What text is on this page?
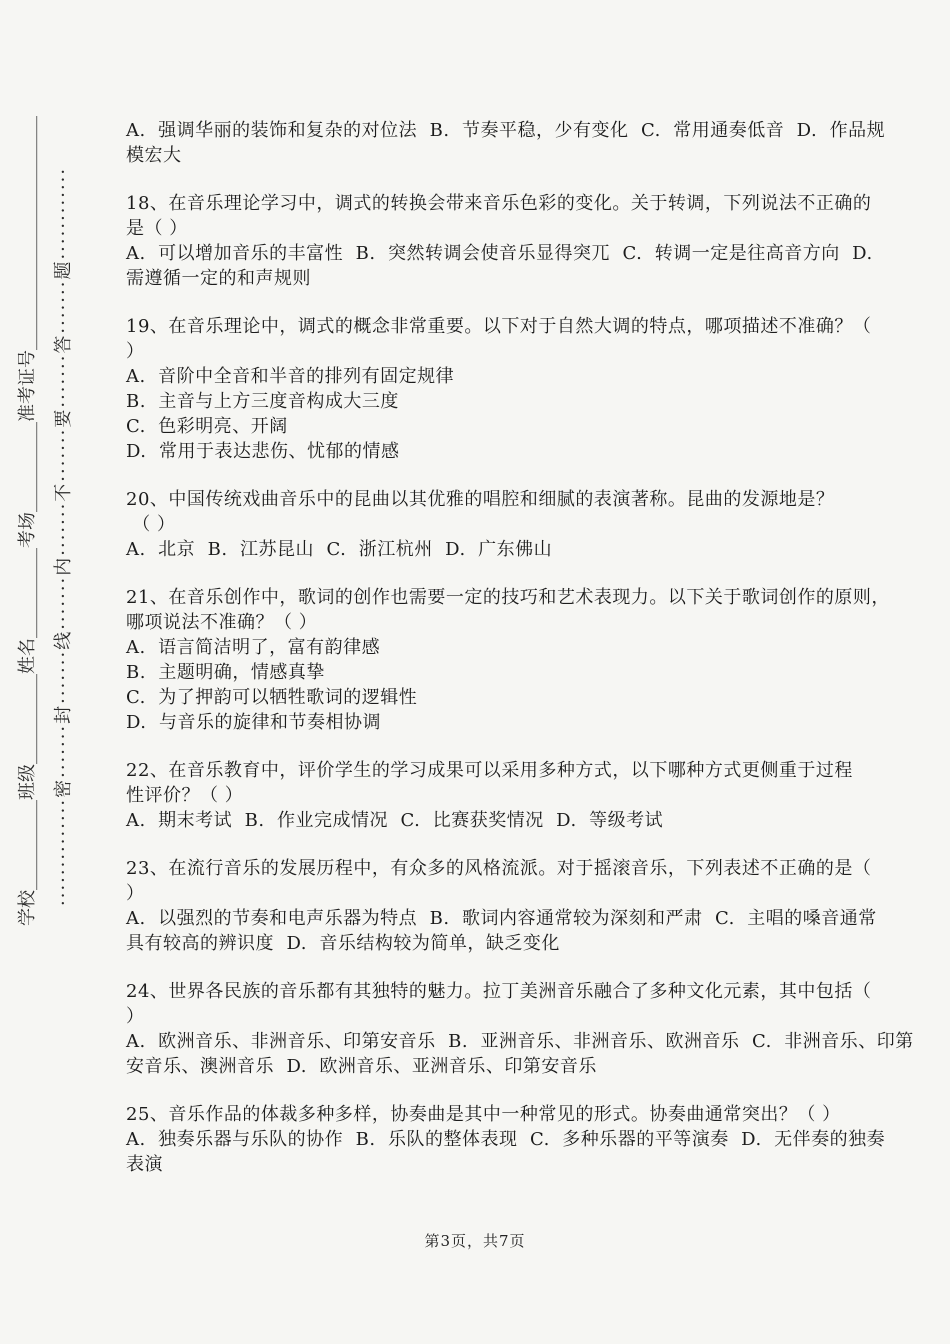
学校__________班级__________姓名__________考场__________准考证号__________________________ ··············密·······封·······线·······内·······不·······要·······答·······题············
A.  强调华丽的装饰和复杂的对位法  B.  节奏平稳，少有变化  C.  常用通奏低音  D.  作品规
模宏大
18、在音乐理论学习中，调式的转换会带来音乐色彩的变化。关于转调，下列说法不正确的
是（ ）
A.  可以增加音乐的丰富性  B.  突然转调会使音乐显得突兀  C.  转调一定是往高音方向  D.
需遵循一定的和声规则
19、在音乐理论中，调式的概念非常重要。以下对于自然大调的特点，哪项描述不准确？（
）
A.  音阶中全音和半音的排列有固定规律
B.  主音与上方三度音构成大三度
C.  色彩明亮、开阔
D.  常用于表达悲伤、忧郁的情感
20、中国传统戏曲音乐中的昆曲以其优雅的唱腔和细腻的表演著称。昆曲的发源地是？
（ ）
A.  北京  B.  江苏昆山  C.  浙江杭州  D.  广东佛山
21、在音乐创作中，歌词的创作也需要一定的技巧和艺术表现力。以下关于歌词创作的原则，
哪项说法不准确？（ ）
A.  语言简洁明了，富有韵律感
B.  主题明确，情感真挚
C.  为了押韵可以牺牲歌词的逻辑性
D.  与音乐的旋律和节奏相协调
22、在音乐教育中，评价学生的学习成果可以采用多种方式，以下哪种方式更侧重于过程
性评价？（ ）
A.  期末考试  B.  作业完成情况  C.  比赛获奖情况  D.  等级考试
23、在流行音乐的发展历程中，有众多的风格流派。对于摇滚音乐，下列表述不正确的是（
）
A.  以强烈的节奏和电声乐器为特点  B.  歌词内容通常较为深刻和严肃  C.  主唱的嗓音通常
具有较高的辨识度  D.  音乐结构较为简单，缺乏变化
24、世界各民族的音乐都有其独特的魅力。拉丁美洲音乐融合了多种文化元素，其中包括（
）
A.  欧洲音乐、非洲音乐、印第安音乐  B.  亚洲音乐、非洲音乐、欧洲音乐  C.  非洲音乐、印第
安音乐、澳洲音乐  D.  欧洲音乐、亚洲音乐、印第安音乐
25、音乐作品的体裁多种多样，协奏曲是其中一种常见的形式。协奏曲通常突出？（ ）
A.  独奏乐器与乐队的协作  B.  乐队的整体表现  C.  多种乐器的平等演奏  D.  无伴奏的独奏
表演
第3页，共7页
